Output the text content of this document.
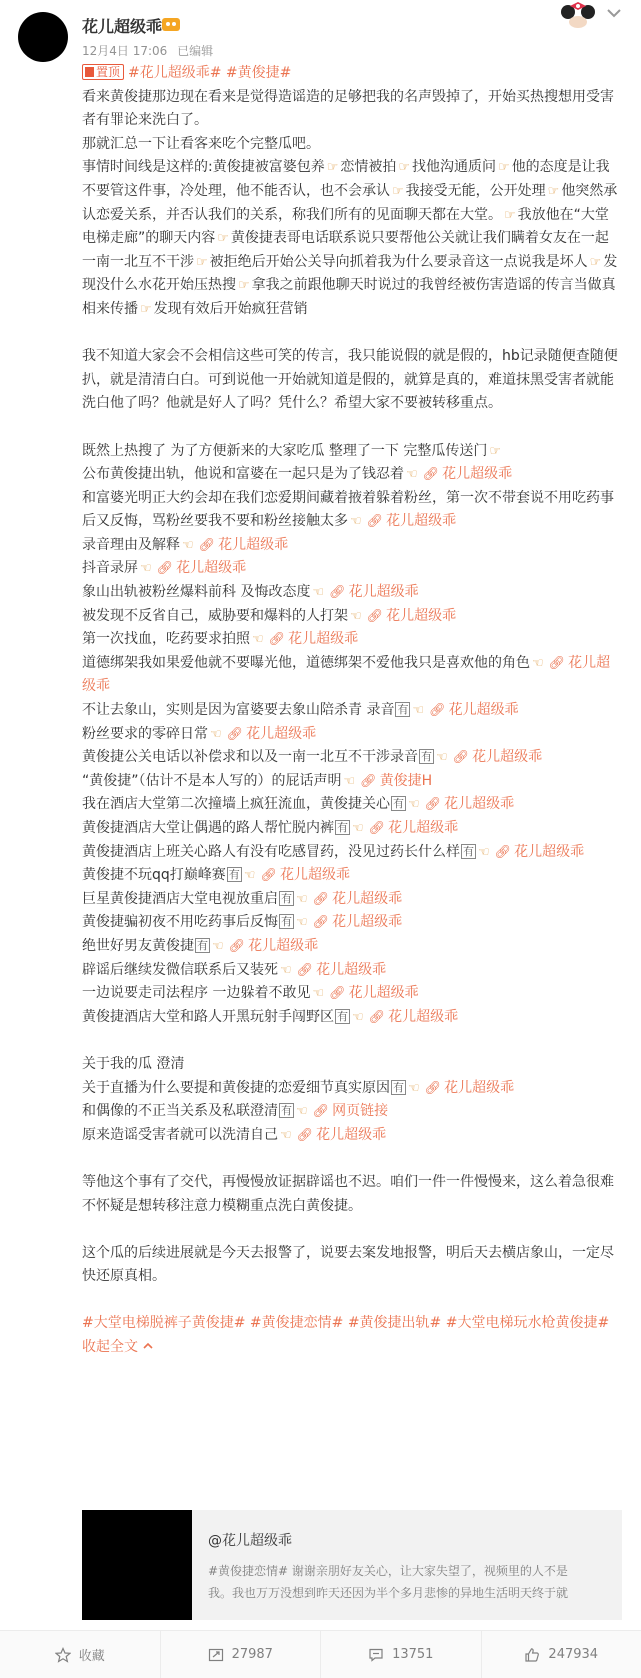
花儿超级乖
12月4日 17:06 已编辑
置顶 #花儿超级乖# #黄俊捷#
看来黄俊捷那边现在看来是觉得造谣造的足够把我的名声毁掉了，开始买热搜想用受害者有罪论来洗白了。
那就汇总一下让看客来吃个完整瓜吧。
事情时间线是这样的:黄俊捷被富婆包养 ☞ 恋情被拍 ☞ 找他沟通质问 ☞ 他的态度是让我不要管这件事，冷处理，他不能否认，也不会承认 ☞ 我接受无能，公开处理 ☞ 他突然承认恋爱关系，并否认我们的关系，称我们所有的见面聊天都在大堂。 ☞ 我放他在“大堂电梯走廊”的聊天内容 ☞ 黄俊捷表哥电话联系说只要帮他公关就让我们瞒着女友在一起一南一北互不干涉 ☞ 被拒绝后开始公关导向抓着我为什么要录音这一点说我是坏人 ☞ 发现没什么水花开始压热搜 ☞ 拿我之前跟他聊天时说过的我曾经被伤害造谣的传言当做真相来传播 ☞ 发现有效后开始疯狂营销
我不知道大家会不会相信这些可笑的传言，我只能说假的就是假的，hb记录随便查随便扒，就是清清白白。可到说他一开始就知道是假的，就算是真的，难道抹黑受害者就能洗白他了吗？他就是好人了吗？凭什么？希望大家不要被转移重点。
既然上热搜了 为了方便新来的大家吃瓜 整理了一下 完整瓜传送门 ☞
公布黄俊捷出轨，他说和富婆在一起只是为了钱忍着 ☜ 🔗︎ 花儿超级乖
和富婆光明正大约会却在我们恋爱期间藏着掖着躲着粉丝，第一次不带套说不用吃药事后又反悔，骂粉丝要我不要和粉丝接触太多 ☜ 🔗︎ 花儿超级乖
录音理由及解释 ☜ 🔗︎ 花儿超级乖
抖音录屏 ☜ 🔗︎ 花儿超级乖
象山出轨被粉丝爆料前科 及悔改态度 ☜ 🔗︎ 花儿超级乖
被发现不反省自己，威胁要和爆料的人打架 ☜ 🔗︎ 花儿超级乖
第一次找血，吃药要求拍照 ☜ 🔗︎ 花儿超级乖
道德绑架我如果爱他就不要曝光他，道德绑架不爱他我只是喜欢他的角色 ☜ 🔗︎ 花儿超级乖
不让去象山，实则是因为富婆要去象山陪杀青 录音 有 ☜ 🔗︎ 花儿超级乖
粉丝要求的零碎日常 ☜ 🔗︎ 花儿超级乖
黄俊捷公关电话以补偿求和以及一南一北互不干涉录音 有 ☜ 🔗︎ 花儿超级乖
“黄俊捷”（估计不是本人写的）的屁话声明 ☜ 🔗︎ 黄俊捷H
我在酒店大堂第二次撞墙上疯狂流血，黄俊捷关心 有 ☜ 🔗︎ 花儿超级乖
黄俊捷酒店大堂让偶遇的路人帮忙脱内裤 有 ☜ 🔗︎ 花儿超级乖
黄俊捷酒店上班关心路人有没有吃感冒药，没见过药长什么样 有 ☜ 🔗︎ 花儿超级乖
黄俊捷不玩qq打巅峰赛 有 ☜ 🔗︎ 花儿超级乖
巨星黄俊捷酒店大堂电视放重启 有 ☜ 🔗︎ 花儿超级乖
黄俊捷骗初夜不用吃药事后反悔 有 ☜ 🔗︎ 花儿超级乖
绝世好男友黄俊捷 有 ☜ 🔗︎ 花儿超级乖
辟谣后继续发微信联系后又装死 ☜ 🔗︎ 花儿超级乖
一边说要走司法程序 一边躲着不敢见 ☜ 🔗︎ 花儿超级乖
黄俊捷酒店大堂和路人开黑玩射手闯野区 有 ☜ 🔗︎ 花儿超级乖
关于我的瓜 澄清
关于直播为什么要提和黄俊捷的恋爱细节真实原因 有 ☜ 🔗︎ 花儿超级乖
和偶像的不正当关系及私联澄清 有 ☜ 🔗︎ 网页链接
原来造谣受害者就可以洗清自己 ☜ 🔗︎ 花儿超级乖
等他这个事有了交代，再慢慢放证据辟谣也不迟。咱们一件一件慢慢来，这么着急很难不怀疑是想转移注意力模糊重点洗白黄俊捷。
这个瓜的后续进展就是今天去报警了，说要去案发地报警，明后天去横店象山，一定尽快还原真相。
#大堂电梯脱裤子黄俊捷# #黄俊捷恋情# #黄俊捷出轨# #大堂电梯玩水枪黄俊捷#
收起全文
@花儿超级乖
#黄俊捷恋情# 谢谢亲朋好友关心，让大家失望了，视频里的人不是
我。我也万万没想到昨天还因为半个多月悲惨的异地生活明天终于就
收藏	27987	13751	247934
